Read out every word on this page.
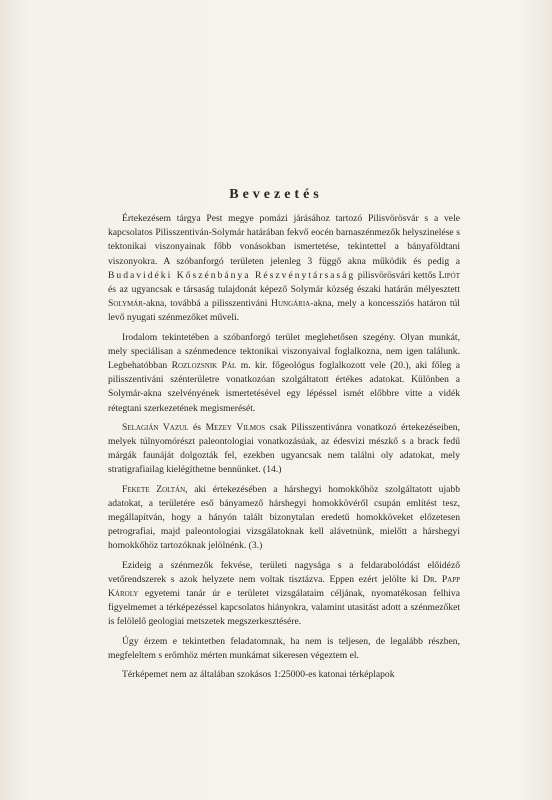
Bevezetés

Értekezésem tárgya Pest megye pomázi járásához tartozó Pilisvörösvár s a vele kapcsolatos Pilisszentiván-Solymár határában fekvő eocén barnaszénmezők helyszinelése s tektonikai viszonyainak főbb vonásokban ismertetése, tekintettel a bányaföldtani viszonyokra. A szóbanforgó területen jelenleg 3 függő akna működik és pedig a Budavidéki Kőszénbánya Részvénytársaság pilisvörösvári kettős Lipót és az ugyancsak e társaság tulajdonát képező Solymár község északi határán mélyesztett Solymár-akna, továbbá a pilisszentiváni Hungária-akna, mely a koncessziós határon túl levő nyugati szénmezőket műveli.

Irodalom tekintetében a szóbanforgó terület meglehetősen szegény. Olyan munkát, mely speciálisan a szénmedence tektonikai viszonyaival foglalkozna, nem igen találunk. Legbehatóbban Rozlozsnik Pál m. kir. főgeológus foglalkozott vele (20.), aki főleg a pilisszentiváni szénterületre vonatkozóan szolgáltatott értékes adatokat. Különben a Solymár-akna szelvényének ismertetésével egy lépéssel ismét előbbre vitte a vidék rétegtani szerkezetének megismerését.

Selagián Vazul és Mezey Vilmos csak Pilisszentivánra vonatkozó értekezéseiben, melyek túlnyomórészt paleontologiai vonatkozásúak, az édesvizi mészkő s a brack fedű márgák faunáját dolgozták fel, ezekben ugyancsak nem találni oly adatokat, mely stratigrafiailag kielégíthetne bennünket. (14.)

Fekete Zoltán, aki értekezésében a hárshegyi homokkőhöz szolgáltatott ujabb adatokat, a területére eső bányamező hárshegyi homokkövéről csupán említést tesz, megállapítván, hogy a hányón talált bizonytalan eredetű homokköveket előzetesen petrografiai, majd paleontologiai vizsgálatoknak kell alávetnünk, mielőtt a hárshegyi homokkőhöz tartozóknak jelölnénk. (3.)

Ezideig a szénmezők fekvése, területi nagysága s a feldarabolódást előidéző vetőrendszerek s azok helyzete nem voltak tisztázva. Eppen ezért jelölte ki Dr. Papp Károly egyetemi tanár úr e területet vizsgálataim céljának, nyomatékosan felhiva figyelmemet a térképezéssel kapcsolatos hiányokra, valamint utasitást adott a szénmezőket is felölelő geologiai metszetek megszerkesztésére.

Úgy érzem e tekintetben feladatomnak, ha nem is teljesen, de legalább részben, megfeleltem s erőmhöz mérten munkámat sikeresen végeztem el.

Térképemet nem az általában szokásos 1:25000-es katonai térképlapok
